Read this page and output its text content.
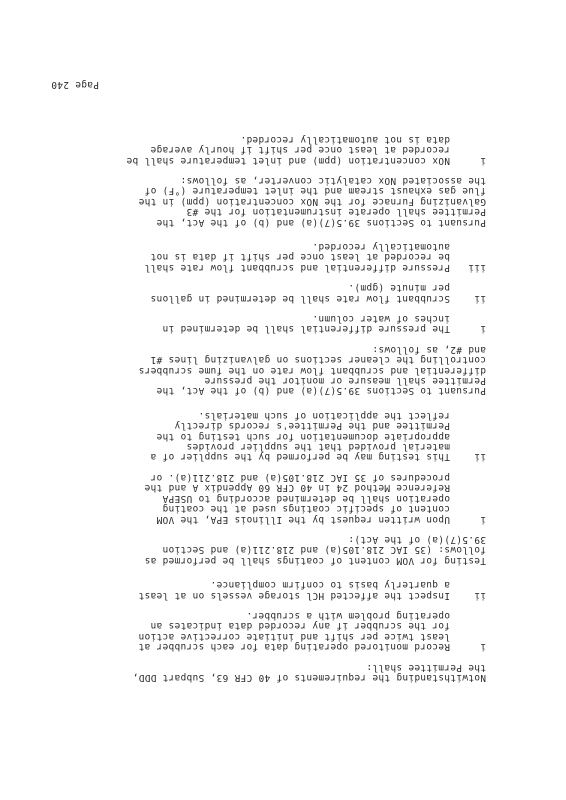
Notwithstanding the requirements of 40 CFR 63, Subpart DDD,
the Permittee shall:
i
Record monitored operating data for each scrubber at
least twice per shift and initiate corrective action
for the scrubber if any recorded data indicates an
operating problem with a scrubber.
ii
Inspect the affected HCl storage vessels on at least
a quarterly basis to confirm compliance.
Testing for VOM content of coatings shall be performed as
follows: (35 IAC 218.105(a) and 218.211(a) and Section
39.5(7)(a) of the Act):
i
Upon written request by the Illinois EPA, the VOM
content of specific coatings used at the coating
operation shall be determined according to USEPA
Reference Method 24 in 40 CFR 60 Appendix A and the
procedures of 35 IAC 218.105(a) and 218.211(a). or
ii
This testing may be performed by the supplier of a
material provided that the supplier provides
appropriate documentation for such testing to the
Permittee and the Permittee's records directly
reflect the application of such materials.
Pursuant to Sections 39.5(7)(a) and (b) of the Act, the
Permittee shall measure or monitor the pressure
differential and scrubbant flow rate on the fume scrubbers
controlling the cleaner sections on galvanizing lines #1
and #2, as follows:
i
The pressure differential shall be determined in
inches of water column.
ii
Scrubbant flow rate shall be determined in gallons
per minute (gpm).
iii
Pressure differential and scrubbant flow rate shall
be recorded at least once per shift if data is not
automatically recorded.
Pursuant to Sections 39.5(7)(a) and (b) of the Act, the
Permittee shall operate instrumentation for the #3
Galvanizing Furnace for the NOx concentration (ppm) in the
flue gas exhaust stream and the inlet temperature (°F) of
the associated NOx catalytic converter, as follows:
i
NOx concentration (ppm) and inlet temperature shall be
recorded at least once per shift if hourly average
data is not automatically recorded.
Page 240
